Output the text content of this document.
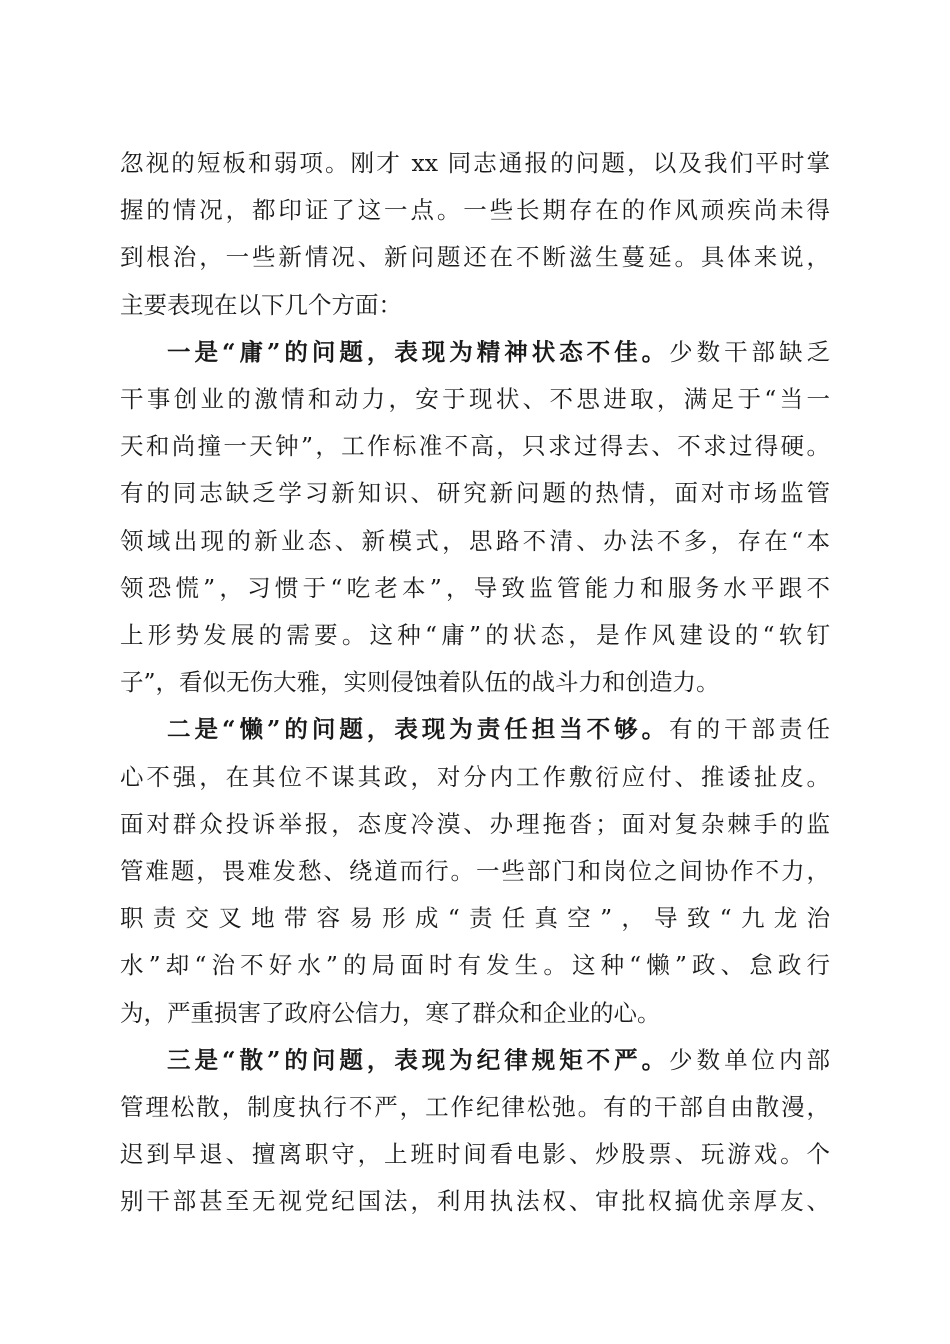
忽视的短板和弱项。刚才 xx 同志通报的问题，以及我们平时掌
握的情况，都印证了这一点。一些长期存在的作风顽疾尚未得
到根治，一些新情况、新问题还在不断滋生蔓延。具体来说，
主要表现在以下几个方面：
一是“庸”的问题，表现为精神状态不佳。少数干部缺乏
干事创业的激情和动力，安于现状、不思进取，满足于“当一
天和尚撞一天钟”，工作标准不高，只求过得去、不求过得硬。
有的同志缺乏学习新知识、研究新问题的热情，面对市场监管
领域出现的新业态、新模式，思路不清、办法不多，存在“本
领恐慌”，习惯于“吃老本”，导致监管能力和服务水平跟不
上形势发展的需要。这种“庸”的状态，是作风建设的“软钉
子”，看似无伤大雅，实则侵蚀着队伍的战斗力和创造力。
二是“懒”的问题，表现为责任担当不够。有的干部责任
心不强，在其位不谋其政，对分内工作敷衍应付、推诿扯皮。
面对群众投诉举报，态度冷漠、办理拖沓；面对复杂棘手的监
管难题，畏难发愁、绕道而行。一些部门和岗位之间协作不力，
职责交叉地带容易形成“责任真空”，导致“九龙治
水”却“治不好水”的局面时有发生。这种“懒”政、怠政行
为，严重损害了政府公信力，寒了群众和企业的心。
三是“散”的问题，表现为纪律规矩不严。少数单位内部
管理松散，制度执行不严，工作纪律松弛。有的干部自由散漫，
迟到早退、擅离职守，上班时间看电影、炒股票、玩游戏。个
别干部甚至无视党纪国法，利用执法权、审批权搞优亲厚友、
